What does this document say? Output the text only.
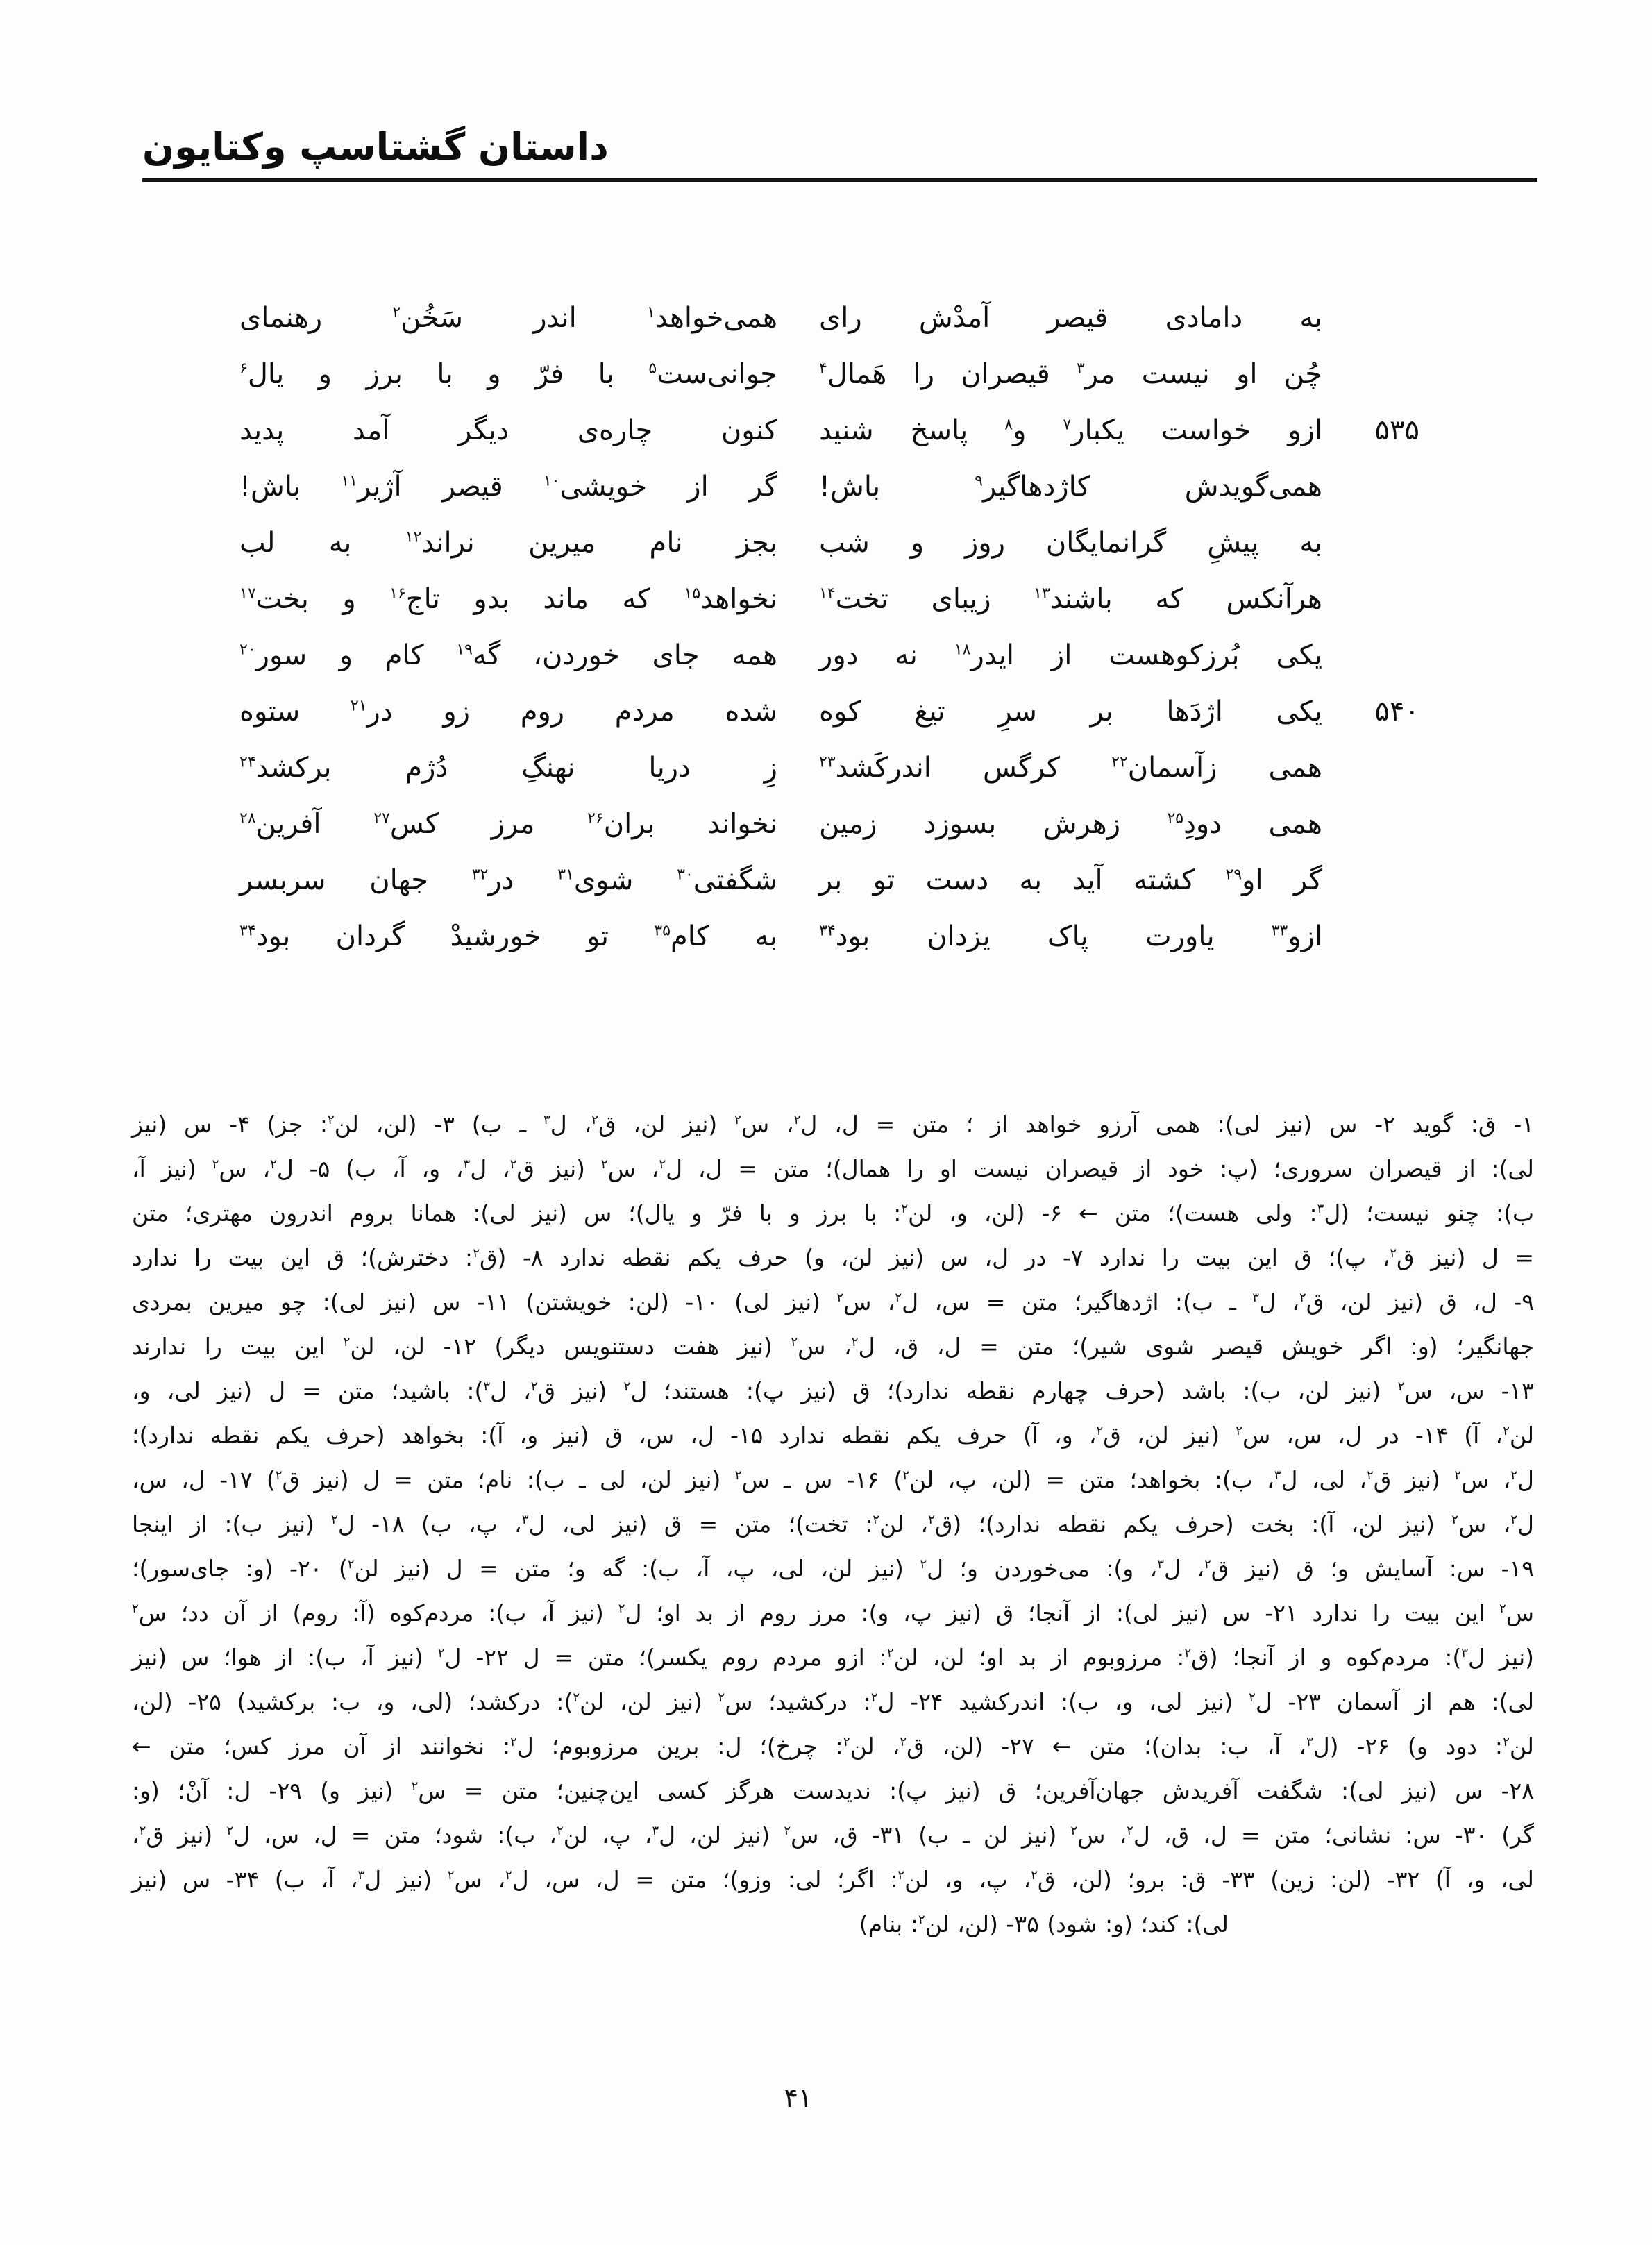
داستان گشتاسپ وکتایون
به دامادی قیصر آمدْش رای
همی‌خواهد$^۱$ اندر سَخُن$^۲$ رهنمای
چُن او نیست مر$^۳$ قیصران را هَمال$^۴$
جوانی‌ست$^۵$ با فرّ و با برز و یال$^۶$
۵۳۵
ازو خواست یکبار$^۷$ و$^۸$ پاسخ شنید
کنون چاره‌ی دیگر آمد پدید
همی‌گویدش کاژدهاگیر$^۹$ باش!
گر از خویشی$^{۱۰}$ قیصر آژیر$^{۱۱}$ باش!
به پیشِ گرانمایگان روز و شب
بجز نام میرین نراند$^{۱۲}$ به لب
هرآنکس که باشند$^{۱۳}$ زیبای تخت$^{۱۴}$
نخواهد$^{۱۵}$ که ماند بدو تاج$^{۱۶}$ و بخت$^{۱۷}$
یکی بُرزکوهست از ایدر$^{۱۸}$ نه دور
همه جای خوردن، گه$^{۱۹}$ کام و سور$^{۲۰}$
۵۴۰
یکی اژدَها بر سرِ تیغ کوه
شده مردم روم زو در$^{۲۱}$ ستوه
همی زآسمان$^{۲۲}$ کرگس اندرکَشد$^{۲۳}$
زِ دریا نهنگِ دُژم برکشد$^{۲۴}$
همی دودِ$^{۲۵}$ زهرش بسوزد زمین
نخواند بران$^{۲۶}$ مرز کس$^{۲۷}$ آفرین$^{۲۸}$
گر او$^{۲۹}$ کشته آید به دست تو بر
شگفتی$^{۳۰}$ شوی$^{۳۱}$ در$^{۳۲}$ جهان سربسر
ازو$^{۳۳}$ یاورت پاک یزدان بود$^{۳۴}$
به کام$^{۳۵}$ تو خورشیدْ گردان بود$^{۳۴}$
۱- ق: گوید ۲- س (نیز لی): همی آرزو خواهد از ؛ متن = ل، ل$^۲$، س$^۲$ (نیز لن، ق$^۲$، ل$^۳$ ـ ب) ۳- (لن، لن$^۲$: جز) ۴- س (نیز
لی): از قیصران سروری؛ (پ: خود از قیصران نیست او را همال)؛ متن = ل، ل$^۲$، س$^۲$ (نیز ق$^۲$، ل$^۳$، و، آ، ب) ۵- ل$^۲$، س$^۲$ (نیز آ،
ب): چنو نیست؛ (ل$^۳$: ولی هست)؛ متن ← ۶- (لن، و، لن$^۲$: با برز و با فرّ و یال)؛ س (نیز لی): همانا بروم اندرون مهتری؛ متن
= ل (نیز ق$^۲$، پ)؛ ق این بیت را ندارد ۷- در ل، س (نیز لن، و) حرف یکم نقطه ندارد ۸- (ق$^۲$: دخترش)؛ ق این بیت را ندارد
۹- ل، ق (نیز لن، ق$^۲$، ل$^۳$ ـ ب): اژدهاگیر؛ متن = س، ل$^۲$، س$^۲$ (نیز لی) ۱۰- (لن: خویشتن) ۱۱- س (نیز لی): چو میرین بمردی
جهانگیر؛ (و: اگر خویش قیصر شوی شیر)؛ متن = ل، ق، ل$^۲$، س$^۲$ (نیز هفت دستنویس دیگر) ۱۲- لن، لن$^۲$ این بیت را ندارند
۱۳- س، س$^۲$ (نیز لن، ب): باشد (حرف چهارم نقطه ندارد)؛ ق (نیز پ): هستند؛ ل$^۲$ (نیز ق$^۲$، ل$^۳$): باشید؛ متن = ل (نیز لی، و،
لن$^۲$، آ) ۱۴- در ل، س، س$^۲$ (نیز لن، ق$^۲$، و، آ) حرف یکم نقطه ندارد ۱۵- ل، س، ق (نیز و، آ): بخواهد (حرف یکم نقطه ندارد)؛
ل$^۲$، س$^۲$ (نیز ق$^۲$، لی، ل$^۳$، ب): بخواهد؛ متن = (لن، پ، لن$^۲$) ۱۶- س ـ س$^۲$ (نیز لن، لی ـ ب): نام؛ متن = ل (نیز ق$^۲$) ۱۷- ل، س،
ل$^۲$، س$^۲$ (نیز لن، آ): بخت (حرف یکم نقطه ندارد)؛ (ق$^۲$، لن$^۲$: تخت)؛ متن = ق (نیز لی، ل$^۳$، پ، ب) ۱۸- ل$^۲$ (نیز ب): از اینجا
۱۹- س: آسایش و؛ ق (نیز ق$^۲$، ل$^۳$، و): می‌خوردن و؛ ل$^۲$ (نیز لن، لی، پ، آ، ب): گه و؛ متن = ل (نیز لن$^۲$) ۲۰- (و: جای‌سور)؛
س$^۲$ این بیت را ندارد ۲۱- س (نیز لی): از آنجا؛ ق (نیز پ، و): مرز روم از بد او؛ ل$^۲$ (نیز آ، ب): مردم‌کوه (آ: روم) از آن دد؛ س$^۲$
(نیز ل$^۳$): مردم‌کوه و از آنجا؛ (ق$^۲$: مرزوبوم از بد او؛ لن، لن$^۲$: ازو مردم روم یکسر)؛ متن = ل ۲۲- ل$^۲$ (نیز آ، ب): از هوا؛ س (نیز
لی): هم از آسمان ۲۳- ل$^۲$ (نیز لی، و، ب): اندرکشید ۲۴- ل$^۲$: درکشید؛ س$^۲$ (نیز لن، لن$^۲$): درکشد؛ (لی، و، ب: برکشید) ۲۵- (لن،
لن$^۲$: دود و) ۲۶- (ل$^۳$، آ، ب: بدان)؛ متن ← ۲۷- (لن، ق$^۲$، لن$^۲$: چرخ)؛ ل: برین مرزوبوم؛ ل$^۲$: نخوانند از آن مرز کس؛ متن ←
۲۸- س (نیز لی): شگفت آفریدش جهان‌آفرین؛ ق (نیز پ): ندیدست هرگز کسی این‌چنین؛ متن = س$^۲$ (نیز و) ۲۹- ل: آنْ؛ (و:
گر) ۳۰- س: نشانی؛ متن = ل، ق، ل$^۲$، س$^۲$ (نیز لن ـ ب) ۳۱- ق، س$^۲$ (نیز لن، ل$^۳$، پ، لن$^۲$، ب): شود؛ متن = ل، س، ل$^۲$ (نیز ق$^۲$،
لی، و، آ) ۳۲- (لن: زین) ۳۳- ق: برو؛ (لن، ق$^۲$، پ، و، لن$^۲$: اگر؛ لی: وزو)؛ متن = ل، س، ل$^۲$، س$^۲$ (نیز ل$^۳$، آ، ب) ۳۴- س (نیز
لی): کند؛ (و: شود) ۳۵- (لن، لن$^۲$: بنام)
۴۱
